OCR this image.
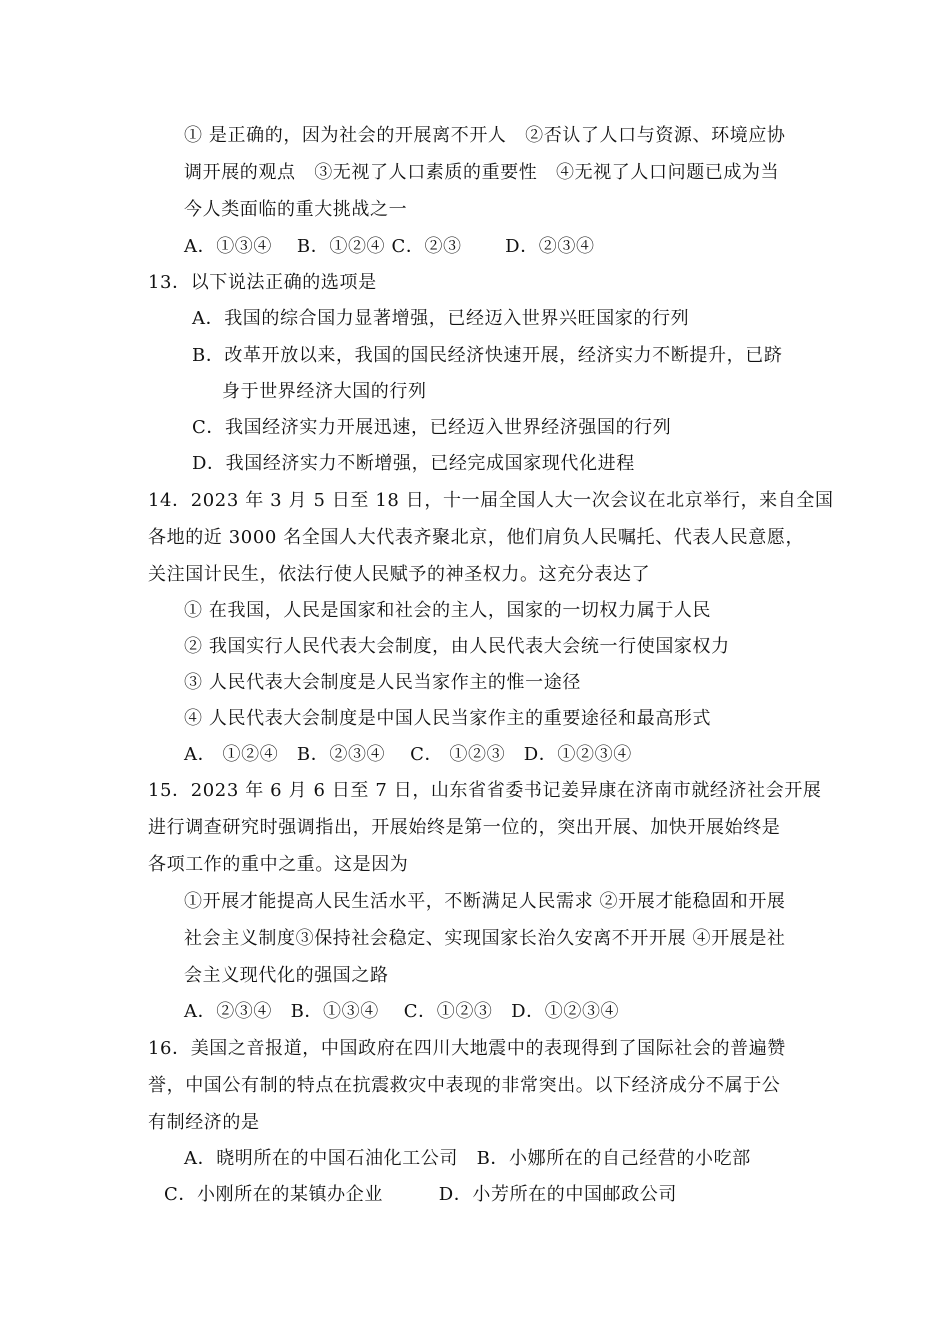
① 是正确的，因为社会的开展离不开人　②否认了人口与资源、环境应协
调开展的观点　③无视了人口素质的重要性　④无视了人口问题已成为当
今人类面临的重大挑战之一
A．①③④　 B．①②④ C．②③　　 D．②③④
13．以下说法正确的选项是
A．我国的综合国力显著增强，已经迈入世界兴旺国家的行列
B．改革开放以来，我国的国民经济快速开展，经济实力不断提升，已跻
身于世界经济大国的行列
C．我国经济实力开展迅速，已经迈入世界经济强国的行列
D．我国经济实力不断增强，已经完成国家现代化进程
14．2023 年 3 月 5 日至 18 日，十一届全国人大一次会议在北京举行，来自全国
各地的近 3000 名全国人大代表齐聚北京，他们肩负人民嘱托、代表人民意愿，
关注国计民生，依法行使人民赋予的神圣权力。这充分表达了
① 在我国，人民是国家和社会的主人，国家的一切权力属于人民
② 我国实行人民代表大会制度，由人民代表大会统一行使国家权力
③ 人民代表大会制度是人民当家作主的惟一途径
④ 人民代表大会制度是中国人民当家作主的重要途径和最高形式
A． ①②④　B．②③④　 C． ①②③　D．①②③④
15．2023 年 6 月 6 日至 7 日，山东省省委书记姜异康在济南市就经济社会开展
进行调查研究时强调指出，开展始终是第一位的，突出开展、加快开展始终是
各项工作的重中之重。这是因为
①开展才能提高人民生活水平，不断满足人民需求 ②开展才能稳固和开展
社会主义制度③保持社会稳定、实现国家长治久安离不开开展 ④开展是社
会主义现代化的强国之路
A．②③④　B．①③④　 C．①②③　D．①②③④
16．美国之音报道，中国政府在四川大地震中的表现得到了国际社会的普遍赞
誉，中国公有制的特点在抗震救灾中表现的非常突出。以下经济成分不属于公
有制经济的是
A．晓明所在的中国石油化工公司　B．小娜所在的自己经营的小吃部
C．小刚所在的某镇办企业　　　D．小芳所在的中国邮政公司
